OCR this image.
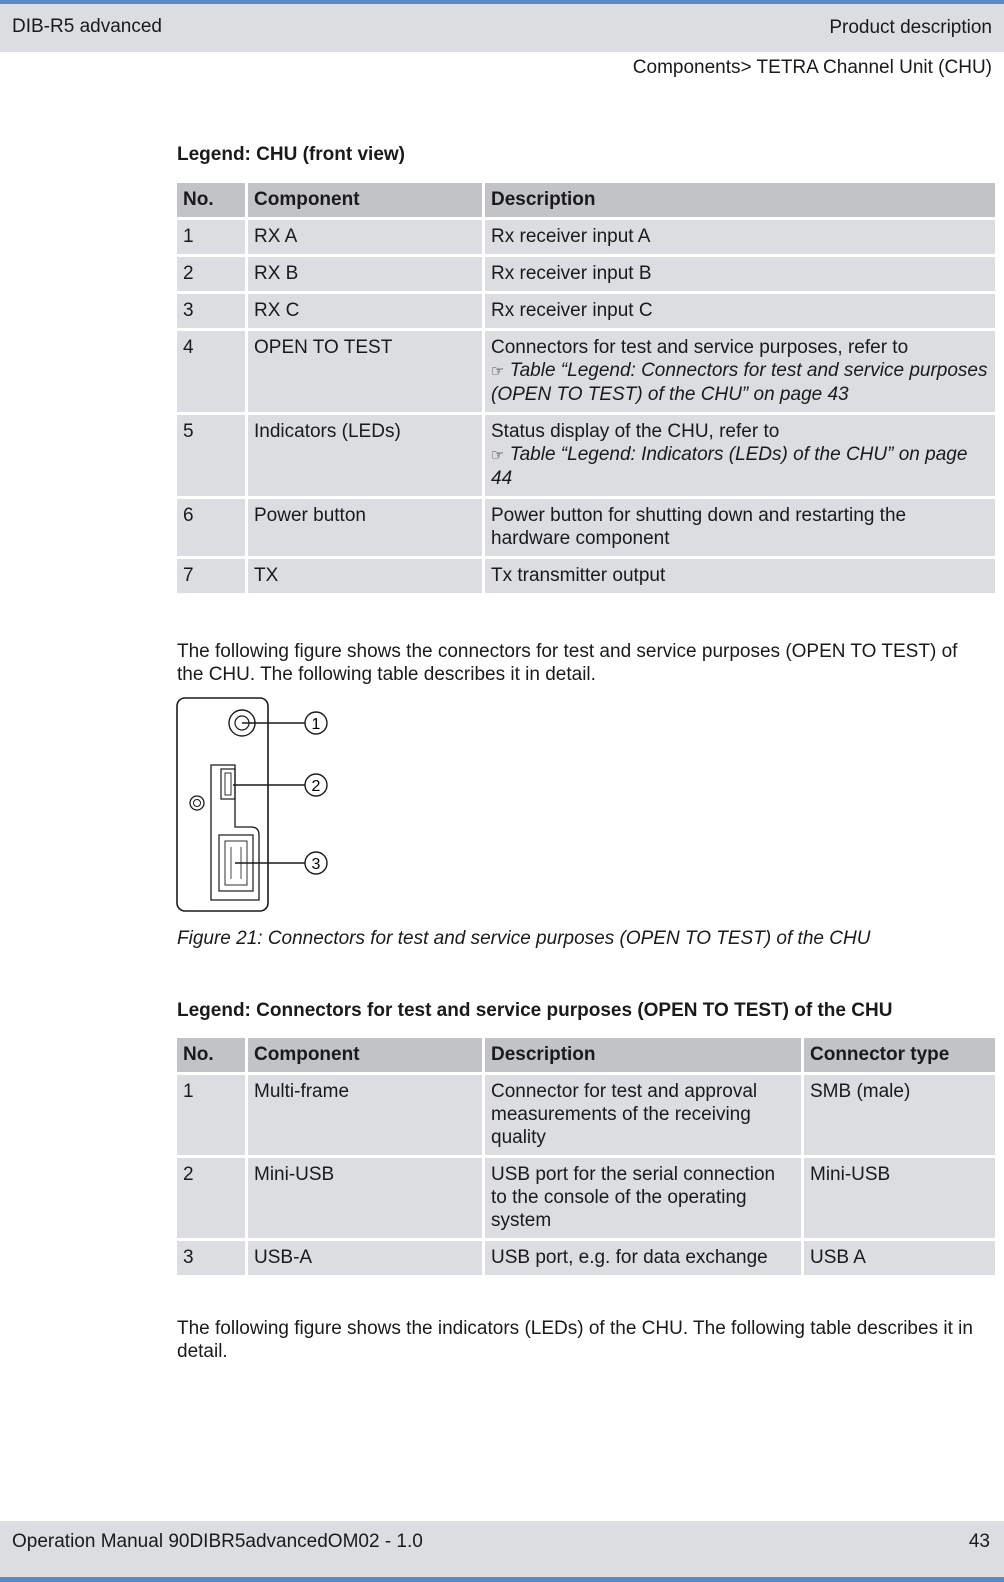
DIB-R5 advanced	Product description
Components> TETRA Channel Unit (CHU)
Legend: CHU (front view)
No.	Component	Description
1	RX A	Rx receiver input A
2	RX B	Rx receiver input B
3	RX C	Rx receiver input C
4	OPEN TO TEST	Connectors for test and service purposes, refer to
☞ Table “Legend: Connectors for test and service purposes (OPEN TO TEST) of the CHU” on page 43
5	Indicators (LEDs)	Status display of the CHU, refer to
☞ Table “Legend: Indicators (LEDs) of the CHU” on page 44
6	Power button	Power button for shutting down and restarting the hardware component
7	TX	Tx transmitter output
The following figure shows the connectors for test and service purposes (OPEN TO TEST) of the CHU. The following table describes it in detail.
1
2
3
Figure 21: Connectors for test and service purposes (OPEN TO TEST) of the CHU
Legend: Connectors for test and service purposes (OPEN TO TEST) of the CHU
No.	Component	Description	Connector type
1	Multi-frame	Connector for test and approval measurements of the receiving quality	SMB (male)
2	Mini-USB	USB port for the serial connection to the console of the operating system	Mini-USB
3	USB-A	USB port, e.g. for data exchange	USB A
The following figure shows the indicators (LEDs) of the CHU. The following table describes it in detail.
Operation Manual 90DIBR5advancedOM02 - 1.0	43
